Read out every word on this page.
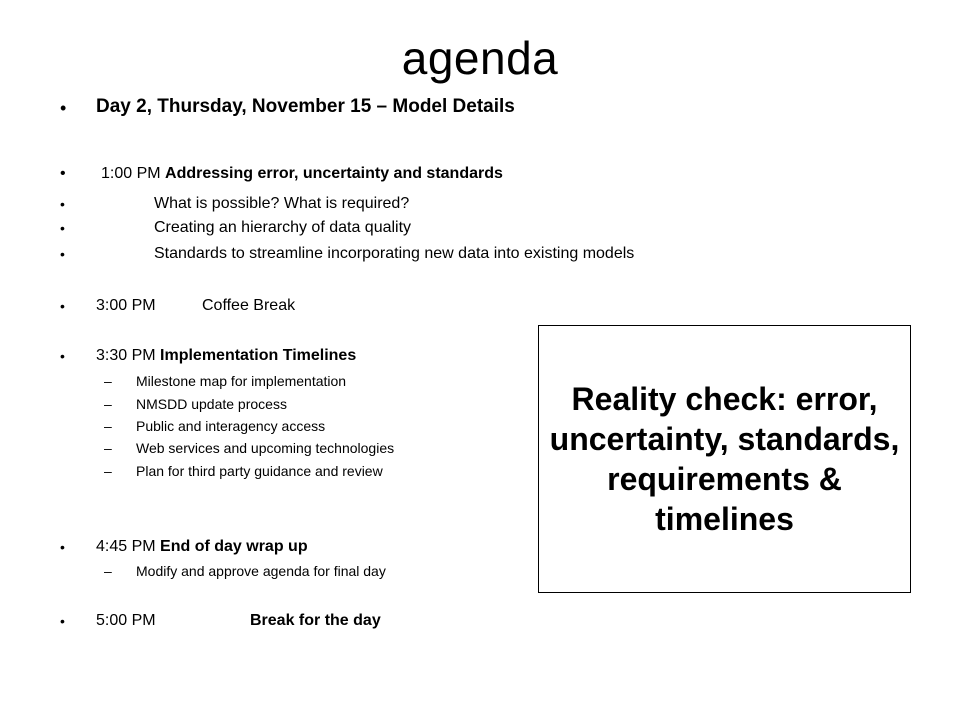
agenda
• Day 2, Thursday, November 15 – Model Details
• 1:00 PM Addressing error, uncertainty and standards
•	What is possible? What is required?
•	Creating an hierarchy of data quality
•	Standards to streamline incorporating new data into existing models
• 3:00 PM	Coffee Break
• 3:30 PM Implementation Timelines
– Milestone map for implementation
– NMSDD update process
– Public and interagency access
– Web services and upcoming technologies
– Plan for third party guidance and review
• 4:45 PM End of day wrap up
– Modify and approve agenda for final day
• 5:00 PM	Break for the day
Reality check: error, uncertainty, standards, requirements & timelines
